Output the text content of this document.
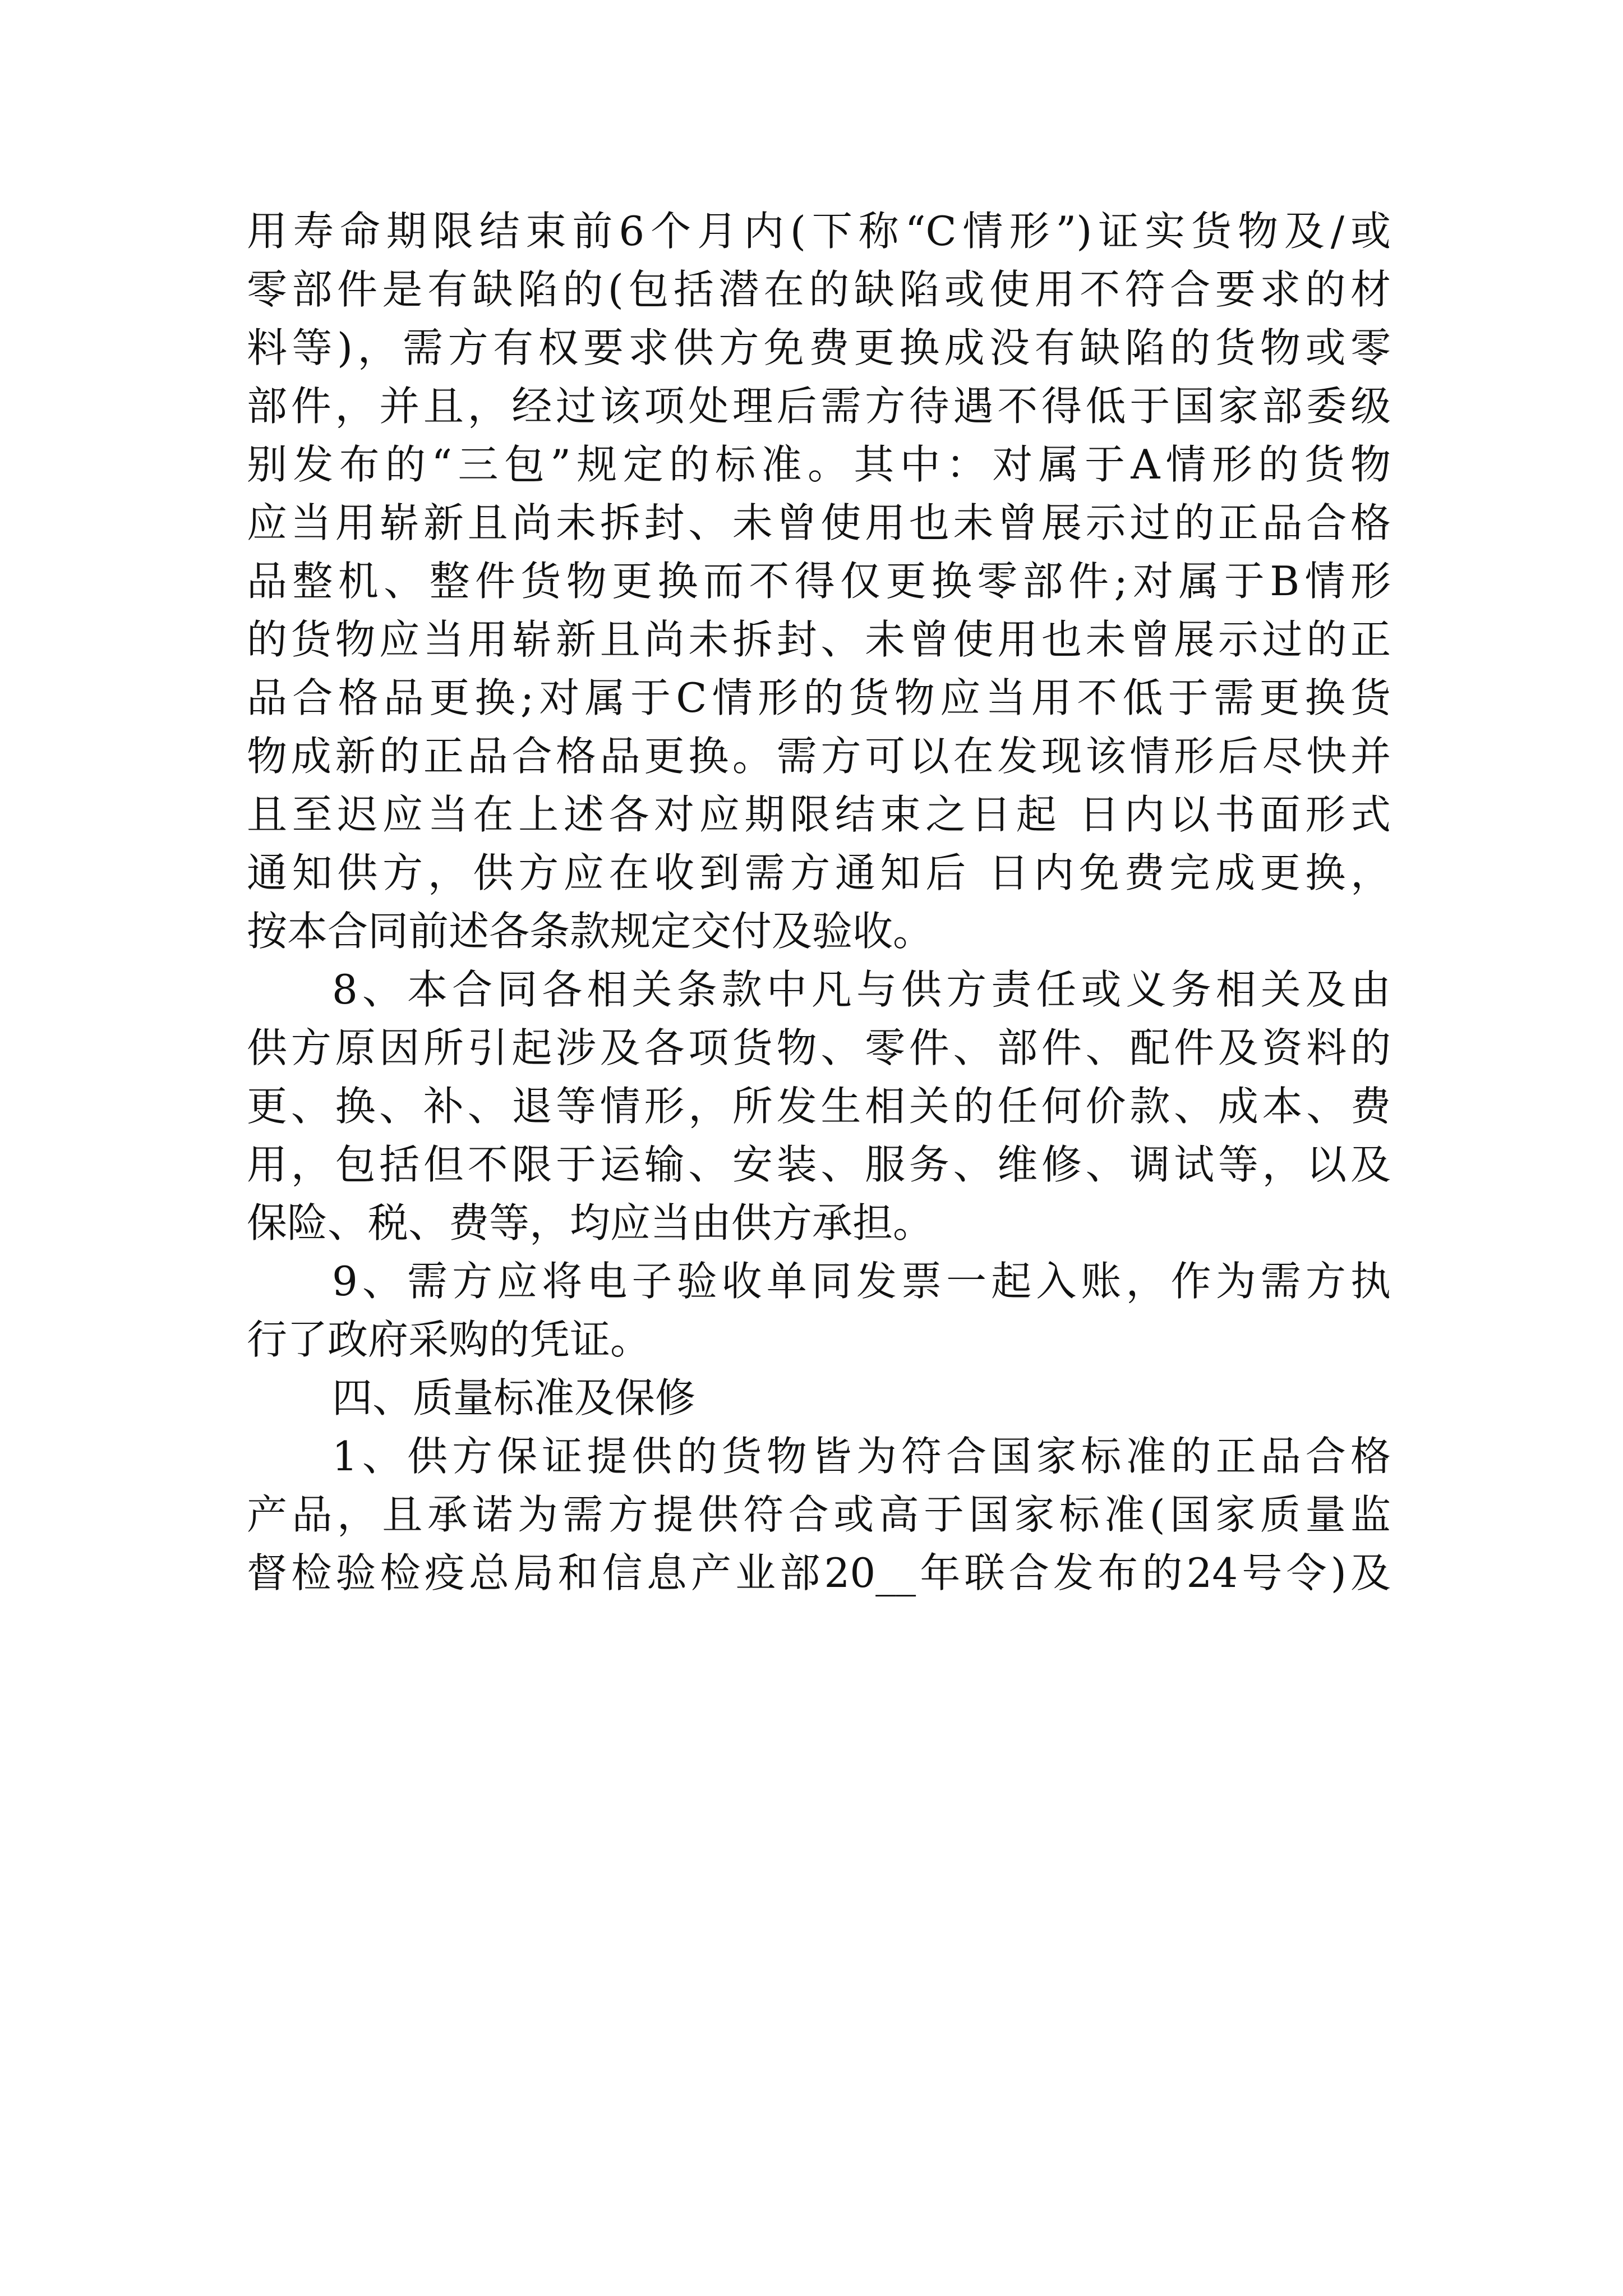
用寿命期限结束前6个月内(下称“C情形”)证实货物及/或
零部件是有缺陷的(包括潜在的缺陷或使用不符合要求的材
料等)，需方有权要求供方免费更换成没有缺陷的货物或零
部件，并且，经过该项处理后需方待遇不得低于国家部委级
别发布的“三包”规定的标准。其中：对属于A情形的货物
应当用崭新且尚未拆封、未曾使用也未曾展示过的正品合格
品整机、整件货物更换而不得仅更换零部件;对属于B情形
的货物应当用崭新且尚未拆封、未曾使用也未曾展示过的正
品合格品更换;对属于C情形的货物应当用不低于需更换货
物成新的正品合格品更换。需方可以在发现该情形后尽快并
且至迟应当在上述各对应期限结束之日起 日内以书面形式
通知供方，供方应在收到需方通知后 日内免费完成更换，
按本合同前述各条款规定交付及验收。
8、本合同各相关条款中凡与供方责任或义务相关及由
供方原因所引起涉及各项货物、零件、部件、配件及资料的
更、换、补、退等情形，所发生相关的任何价款、成本、费
用，包括但不限于运输、安装、服务、维修、调试等，以及
保险、税、费等，均应当由供方承担。
9、需方应将电子验收单同发票一起入账，作为需方执
行了政府采购的凭证。
四、质量标准及保修
1、供方保证提供的货物皆为符合国家标准的正品合格
产品，且承诺为需方提供符合或高于国家标准(国家质量监
督检验检疫总局和信息产业部20__年联合发布的24号令)及
